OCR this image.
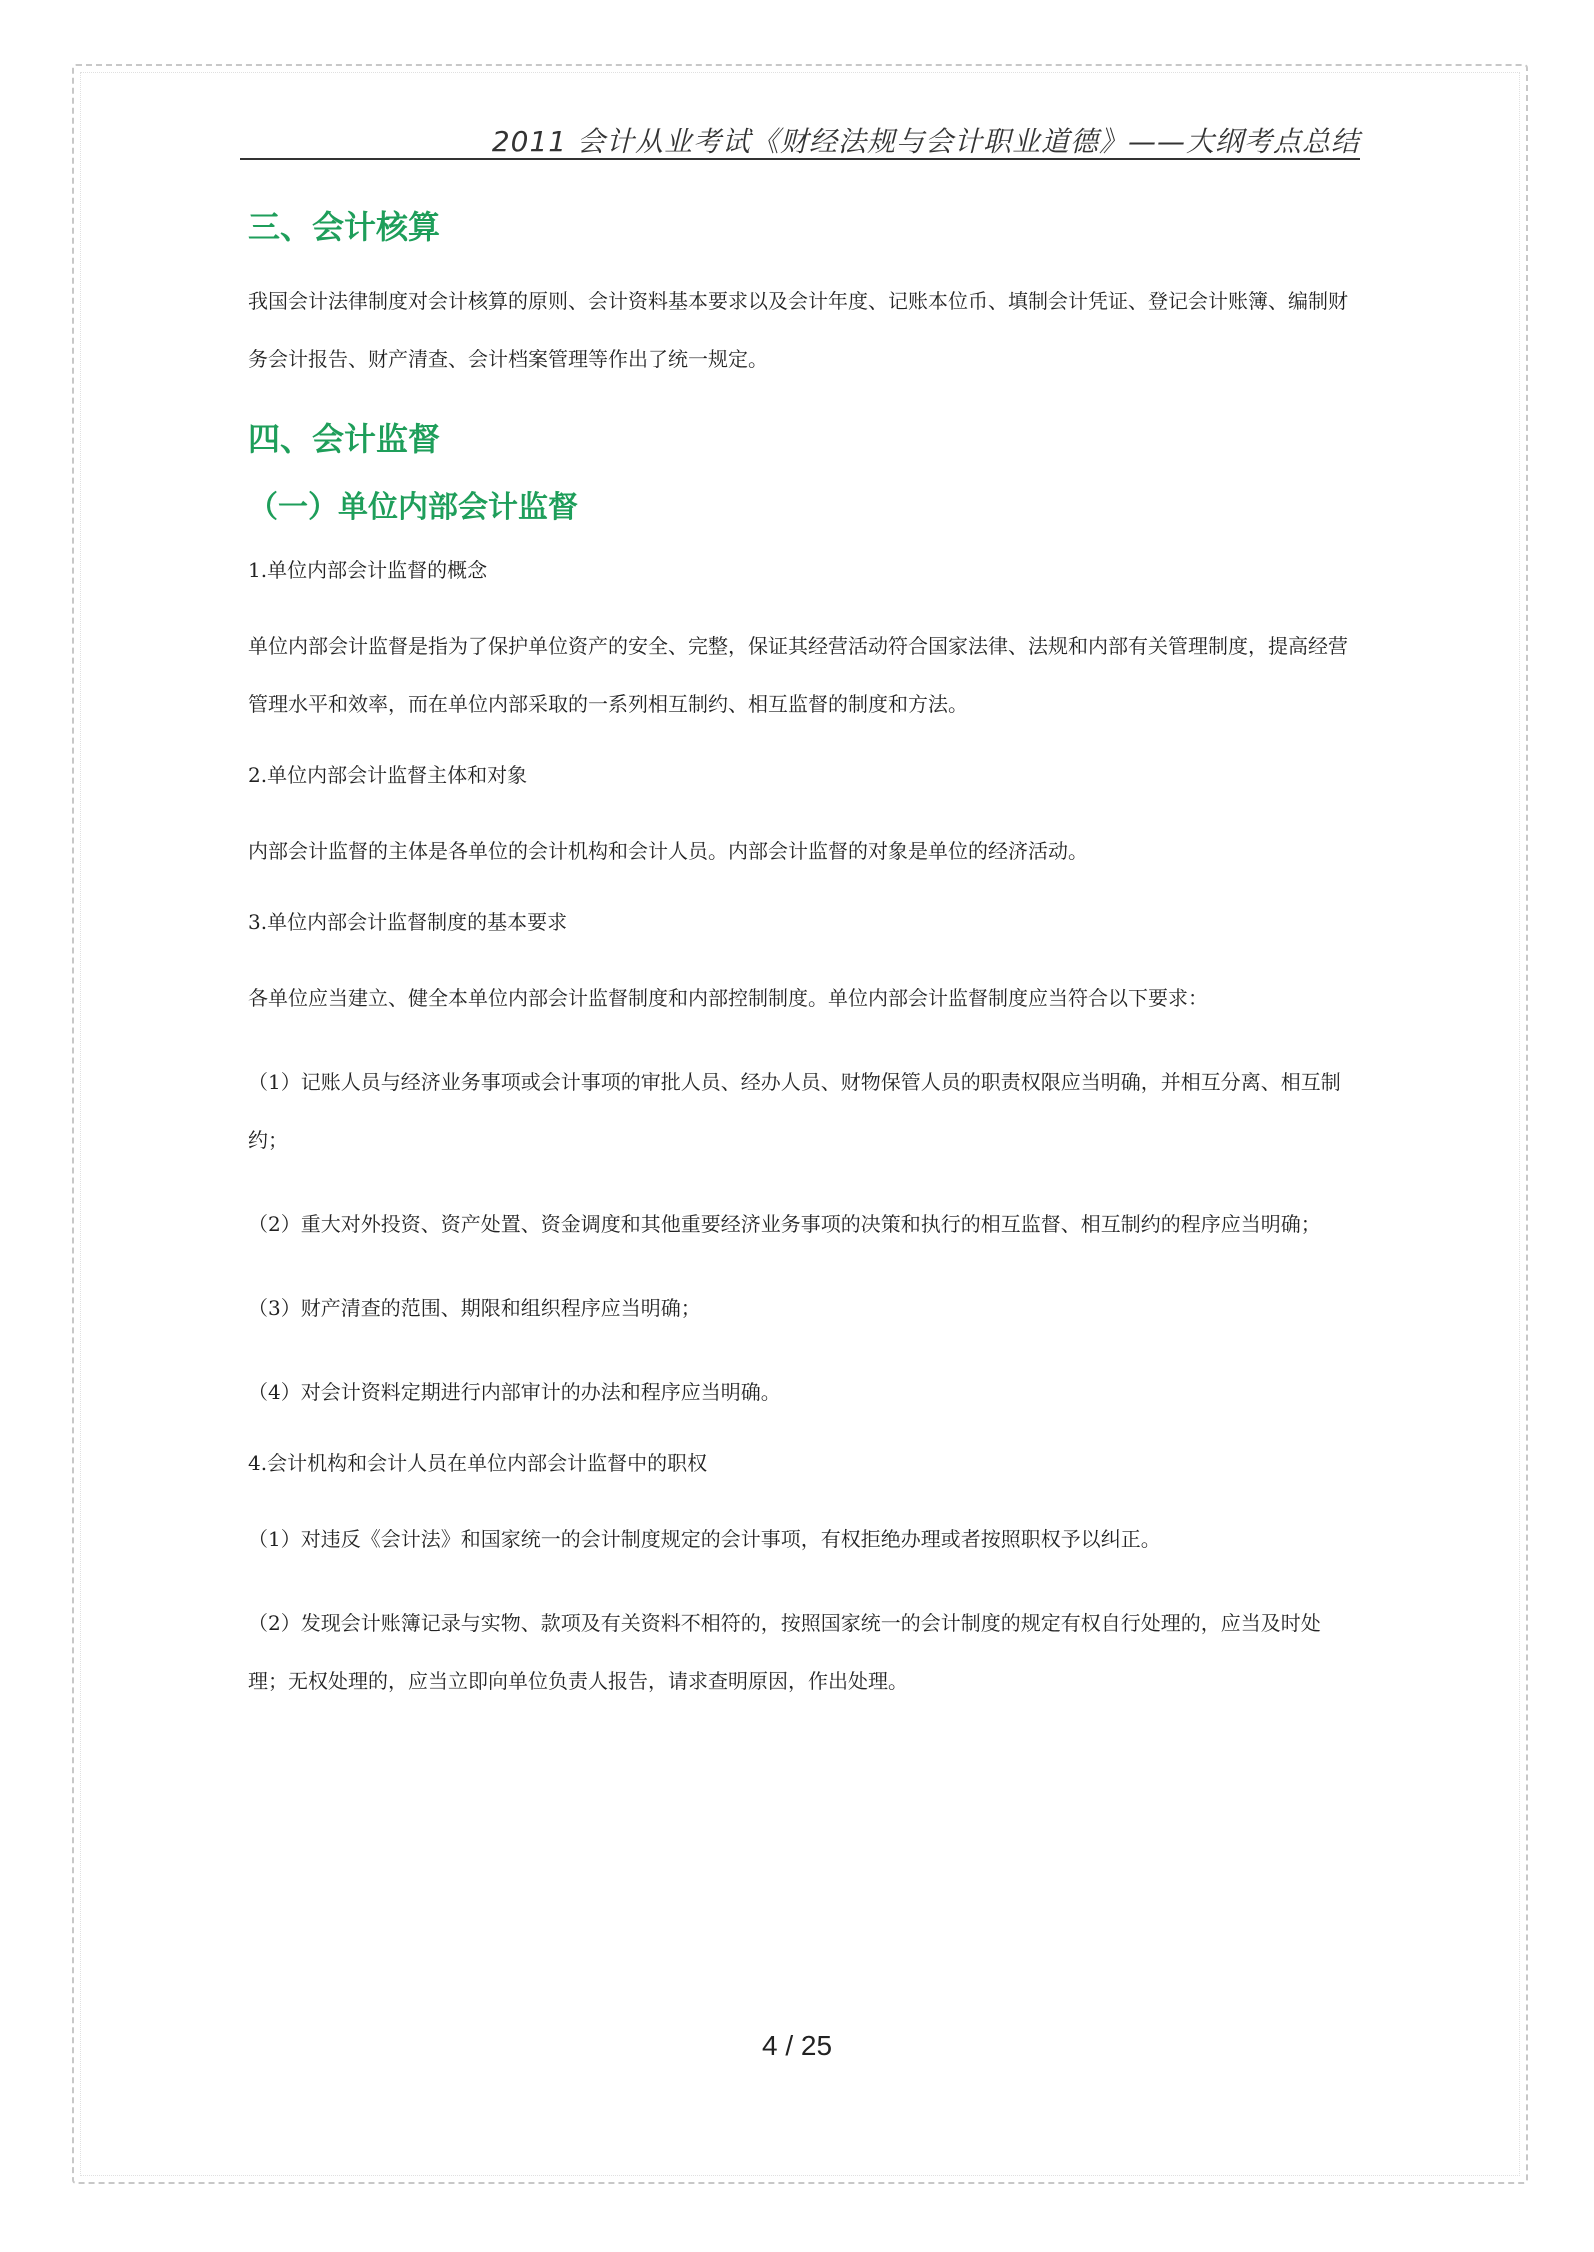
2011 会计从业考试《财经法规与会计职业道德》——大纲考点总结
三、会计核算

我国会计法律制度对会计核算的原则、会计资料基本要求以及会计年度、记账本位币、填制会计凭证、登记会计账簿、编制财务会计报告、财产清查、会计档案管理等作出了统一规定。

四、会计监督
（一）单位内部会计监督

1.单位内部会计监督的概念

单位内部会计监督是指为了保护单位资产的安全、完整，保证其经营活动符合国家法律、法规和内部有关管理制度，提高经营管理水平和效率，而在单位内部采取的一系列相互制约、相互监督的制度和方法。

2.单位内部会计监督主体和对象

内部会计监督的主体是各单位的会计机构和会计人员。内部会计监督的对象是单位的经济活动。

3.单位内部会计监督制度的基本要求

各单位应当建立、健全本单位内部会计监督制度和内部控制制度。单位内部会计监督制度应当符合以下要求：

（1）记账人员与经济业务事项或会计事项的审批人员、经办人员、财物保管人员的职责权限应当明确，并相互分离、相互制约；

（2）重大对外投资、资产处置、资金调度和其他重要经济业务事项的决策和执行的相互监督、相互制约的程序应当明确；

（3）财产清查的范围、期限和组织程序应当明确；

（4）对会计资料定期进行内部审计的办法和程序应当明确。

4.会计机构和会计人员在单位内部会计监督中的职权

（1）对违反《会计法》和国家统一的会计制度规定的会计事项，有权拒绝办理或者按照职权予以纠正。

（2）发现会计账簿记录与实物、款项及有关资料不相符的，按照国家统一的会计制度的规定有权自行处理的，应当及时处理；无权处理的，应当立即向单位负责人报告，请求查明原因，作出处理。

4 / 25
